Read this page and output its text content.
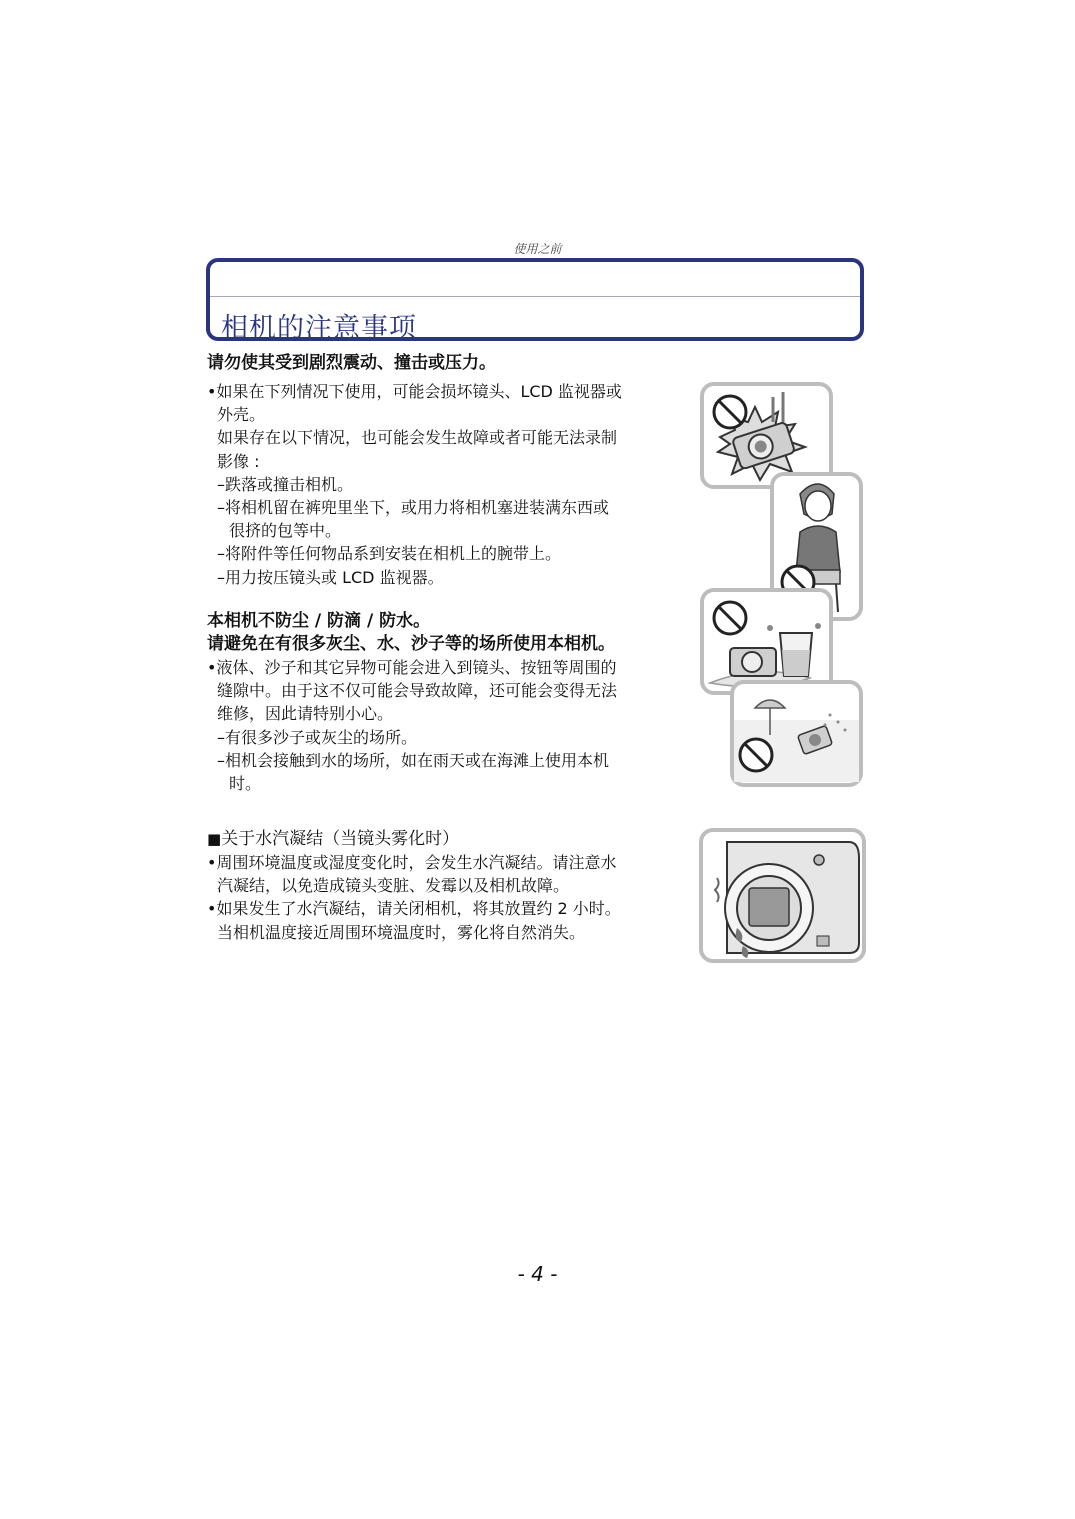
使用之前
相机的注意事项
请勿使其受到剧烈震动、撞击或压力。
•如果在下列情况下使用，可能会损坏镜头、LCD 监视器或
外壳。
如果存在以下情况，也可能会发生故障或者可能无法录制
影像 :
–跌落或撞击相机。
–将相机留在裤兜里坐下，或用力将相机塞进装满东西或
很挤的包等中。
–将附件等任何物品系到安装在相机上的腕带上。
–用力按压镜头或 LCD 监视器。
本相机不防尘 / 防滴 / 防水。
请避免在有很多灰尘、水、沙子等的场所使用本相机。
•液体、沙子和其它异物可能会进入到镜头、按钮等周围的
缝隙中。由于这不仅可能会导致故障，还可能会变得无法
维修，因此请特别小心。
–有很多沙子或灰尘的场所。
–相机会接触到水的场所，如在雨天或在海滩上使用本机
时。
■关于水汽凝结（当镜头雾化时）
•周围环境温度或湿度变化时，会发生水汽凝结。请注意水
汽凝结，以免造成镜头变脏、发霉以及相机故障。
•如果发生了水汽凝结，请关闭相机，将其放置约 2 小时。
当相机温度接近周围环境温度时，雾化将自然消失。
- 4 -
